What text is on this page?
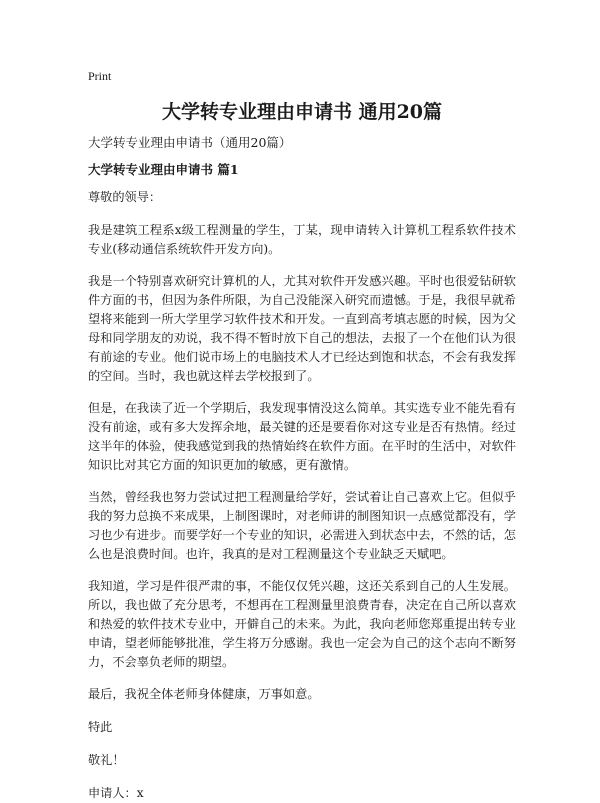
Print
大学转专业理由申请书 通用20篇
大学转专业理由申请书（通用20篇）
大学转专业理由申请书 篇1

尊敬的领导：

我是建筑工程系x级工程测量的学生，丁某，现申请转入计算机工程系软件技术专业(移动通信系统软件开发方向)。

我是一个特别喜欢研究计算机的人，尤其对软件开发感兴趣。平时也很爱钻研软件方面的书，但因为条件所限，为自己没能深入研究而遗憾。于是，我很早就希望将来能到一所大学里学习软件技术和开发。一直到高考填志愿的时候，因为父母和同学朋友的劝说，我不得不暂时放下自己的想法，去报了一个在他们认为很有前途的专业。他们说市场上的电脑技术人才已经达到饱和状态，不会有我发挥的空间。当时，我也就这样去学校报到了。

但是，在我读了近一个学期后，我发现事情没这么简单。其实选专业不能先看有没有前途，或有多大发挥余地，最关键的还是要看你对这专业是否有热情。经过这半年的体验，使我感觉到我的热情始终在软件方面。在平时的生活中，对软件知识比对其它方面的知识更加的敏感，更有激情。

当然，曾经我也努力尝试过把工程测量给学好，尝试着让自己喜欢上它。但似乎我的努力总换不来成果，上制图课时，对老师讲的制图知识一点感觉都没有，学习也少有进步。而要学好一个专业的知识，必需进入到状态中去，不然的话，怎么也是浪费时间。也许，我真的是对工程测量这个专业缺乏天赋吧。

我知道，学习是件很严肃的事，不能仅仅凭兴趣，这还关系到自己的人生发展。所以，我也做了充分思考，不想再在工程测量里浪费青春，决定在自己所以喜欢和热爱的软件技术专业中，开僻自己的未来。为此，我向老师您郑重提出转专业申请，望老师能够批准，学生将万分感谢。我也一定会为自己的这个志向不断努力，不会辜负老师的期望。

最后，我祝全体老师身体健康，万事如意。

特此

敬礼！

申请人：x
